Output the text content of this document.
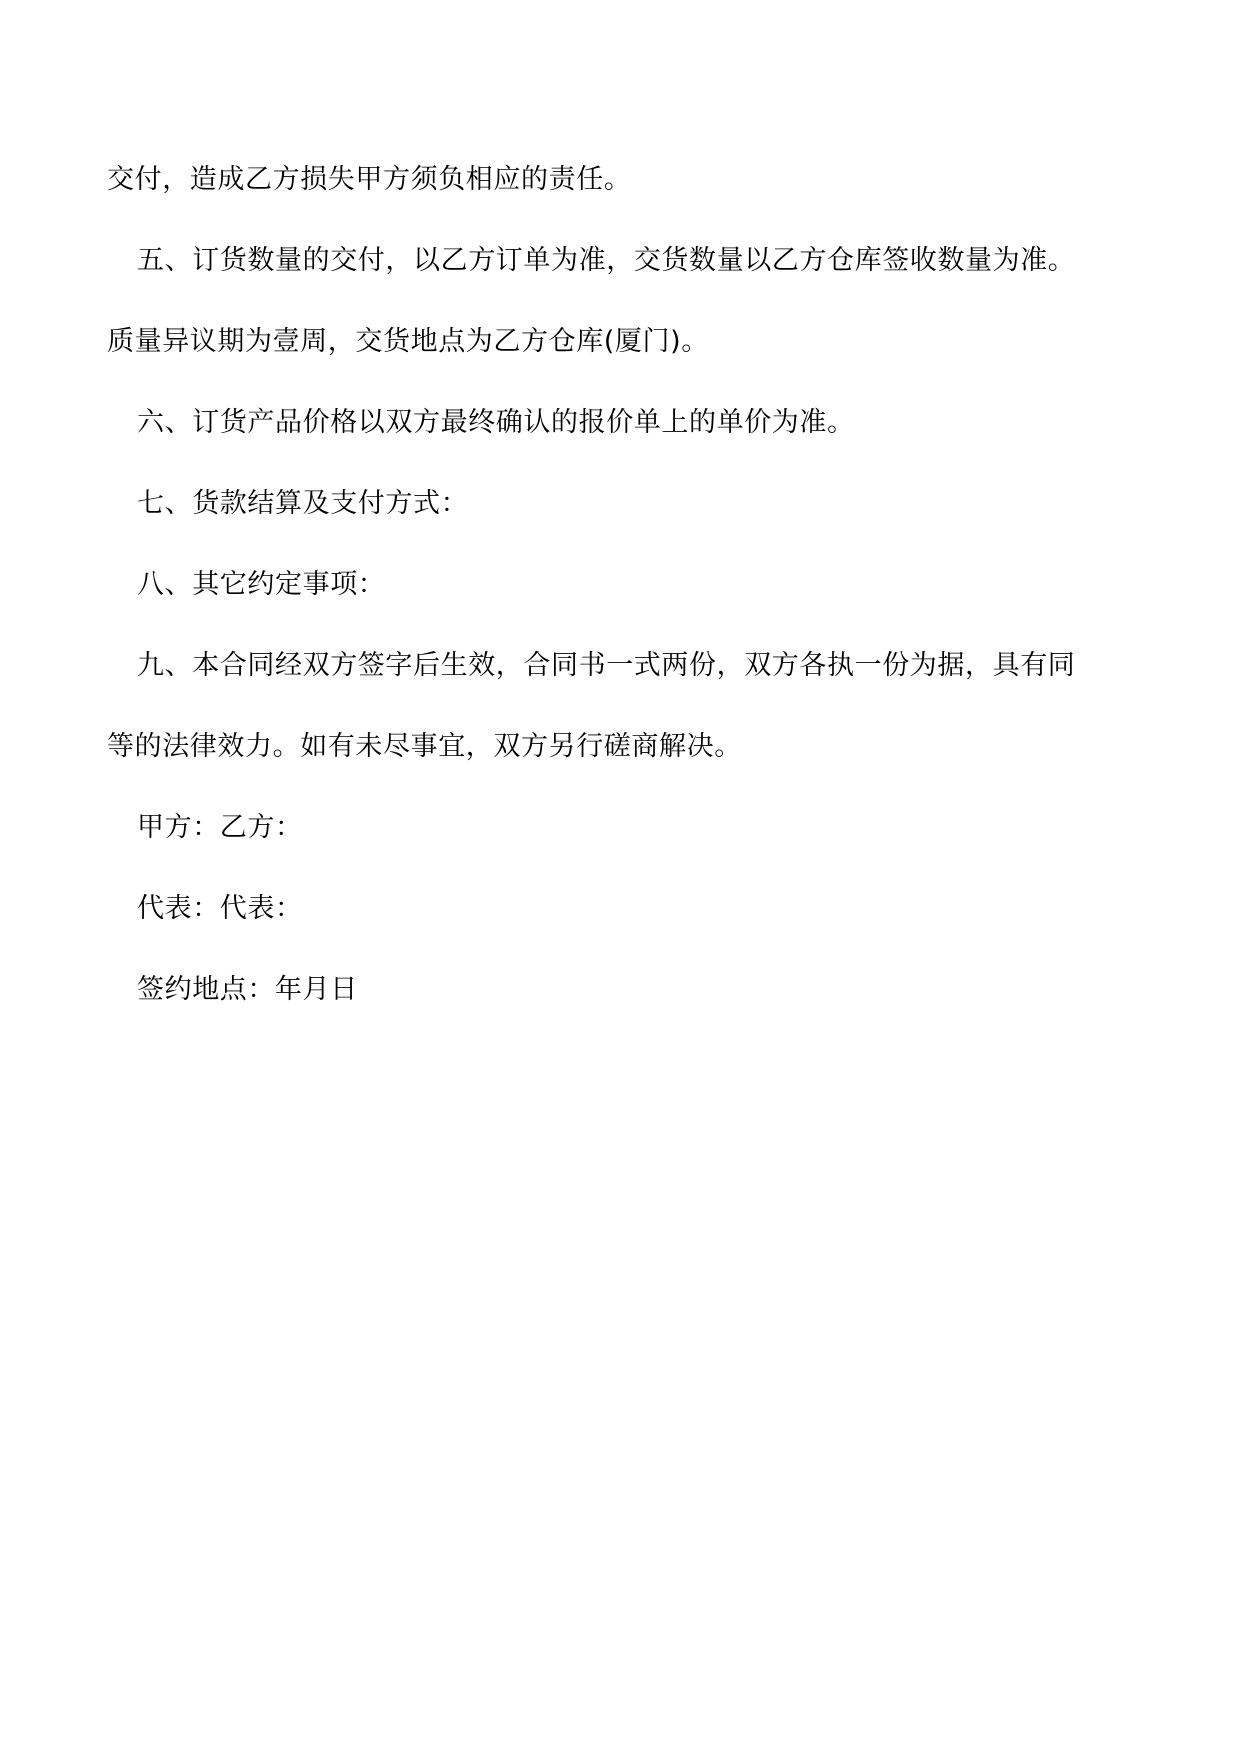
交付，造成乙方损失甲方须负相应的责任。

五、订货数量的交付，以乙方订单为准，交货数量以乙方仓库签收数量为准。

质量异议期为壹周，交货地点为乙方仓库(厦门)。

六、订货产品价格以双方最终确认的报价单上的单价为准。

七、货款结算及支付方式：

八、其它约定事项：

九、本合同经双方签字后生效，合同书一式两份，双方各执一份为据，具有同

等的法律效力。如有未尽事宜，双方另行磋商解决。

甲方：乙方：

代表：代表：

签约地点：年月日
